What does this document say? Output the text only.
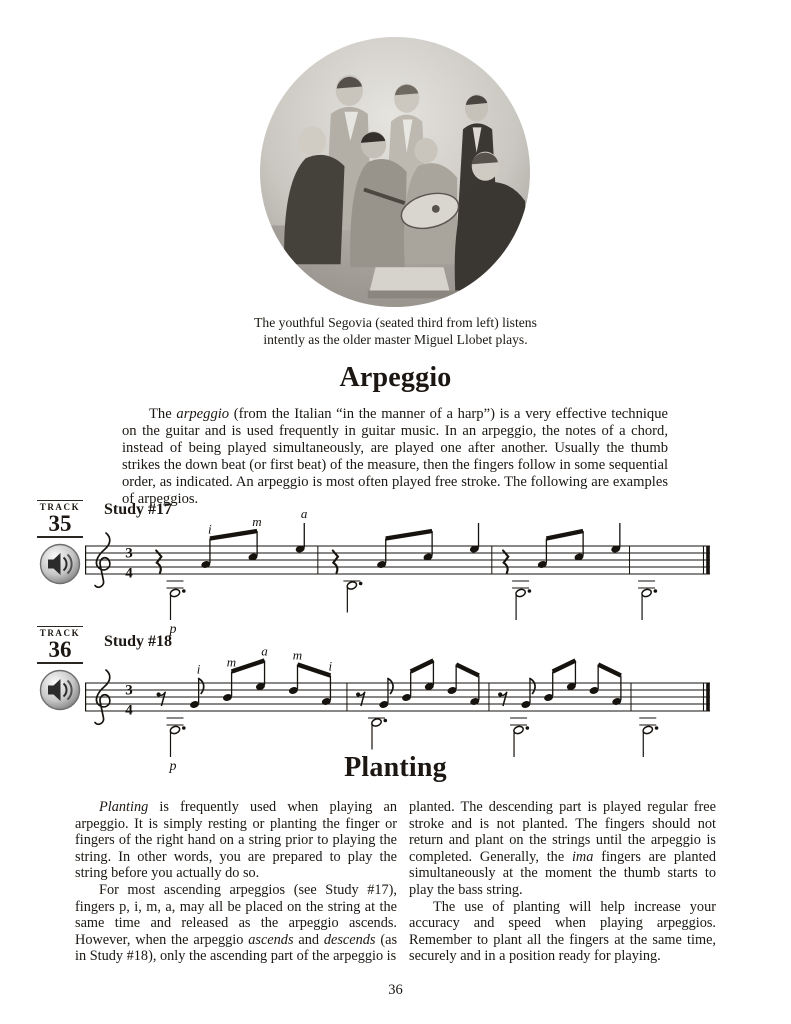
The youthful Segovia (seated third from left) listens
intently as the older master Miguel Llobet plays.
Arpeggio

The arpeggio (from the Italian “in the manner of a harp”) is a very effective technique on the guitar and is used frequently in guitar music. In an arpeggio, the notes of a chord, instead of being played simultaneously, are played one after another. Usually the thumb strikes the down beat (or first beat) of the measure, then the fingers follow in some sequential order, as indicated. An arpeggio is most often played free stroke. The following are examples of arpeggios.

TRACK
35
Study #17
3
4
p
i	m
a
TRACK
36	Study #18
3
4
p
i m
a m
i
Planting

Planting is frequently used when playing an arpeggio. It is simply resting or planting the finger or fingers of the right hand on a string prior to playing the string. In other words, you are prepared to play the string before you actually do so.

For most ascending arpeggios (see Study #17), fingers p, i, m, a, may all be placed on the string at the same time and released as the arpeggio ascends. However, when the arpeggio ascends and descends (as in Study #18), only the ascending part of the arpeggio is

planted. The descending part is played regular free stroke and is not planted. The fingers should not return and plant on the strings until the arpeggio is completed. Generally, the ima fingers are planted simultaneously at the moment the thumb starts to play the bass string.

The use of planting will help increase your accuracy and speed when playing arpeggios. Remember to plant all the fingers at the same time, securely and in a position ready for playing.

36
